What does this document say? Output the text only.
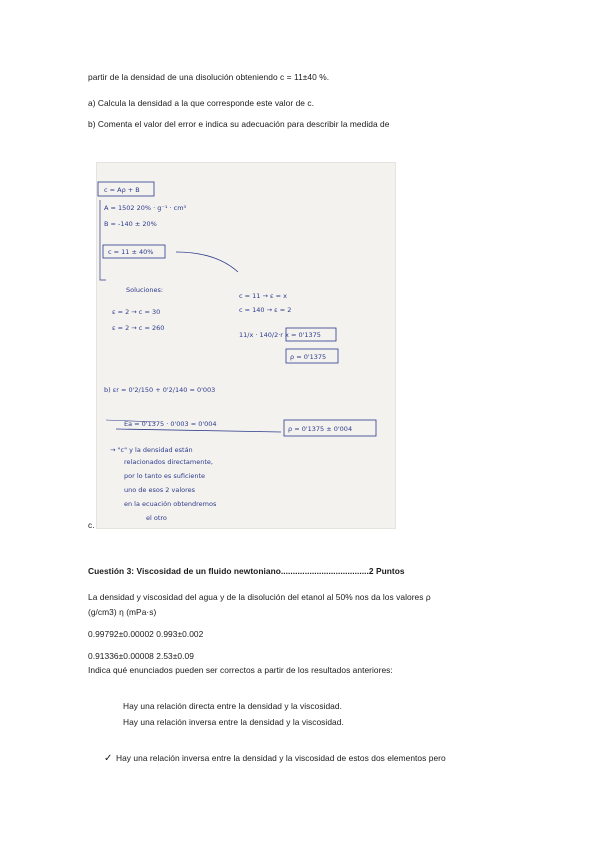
partir de la densidad de una disolución obteniendo c = 11±40 %.
a) Calcula la densidad a la que corresponde este valor de c.
b) Comenta el valor del error e indica su adecuación para describir la medida de
c = Aρ + B
A = 1502 20% · g⁻¹ · cm³
B = -140 ± 20%
c = 11 ± 40%
Soluciones:
ε = 2 → c = 30
ε = 2 → c = 260
c = 11 → ε = x
c = 140 → ε = 2
11/x · 140/2·r x = 0'1375
ρ = 0'1375
b) εr = 0'2/150 + 0'2/140 = 0'003
Ea = 0'1375 · 0'003 = 0'004
ρ = 0'1375 ± 0'004
→ "c" y la densidad están
relacionados directamente,
por lo tanto es suficiente
uno de esos 2 valores
en la ecuación obtendremos
el otro
c.
Cuestión 3: Viscosidad de un fluido newtoniano.....................................2 Puntos
La densidad y viscosidad del agua y de la disolución del etanol al 50% nos da los valores ρ
(g/cm3) η (mPa·s)
0.99792±0.00002 0.993±0.002
0.91336±0.00008 2.53±0.09
Indica qué enunciados pueden ser correctos a partir de los resultados anteriores:
Hay una relación directa entre la densidad y la viscosidad.
Hay una relación inversa entre la densidad y la viscosidad.
✓ Hay una relación inversa entre la densidad y la viscosidad de estos dos elementos pero
